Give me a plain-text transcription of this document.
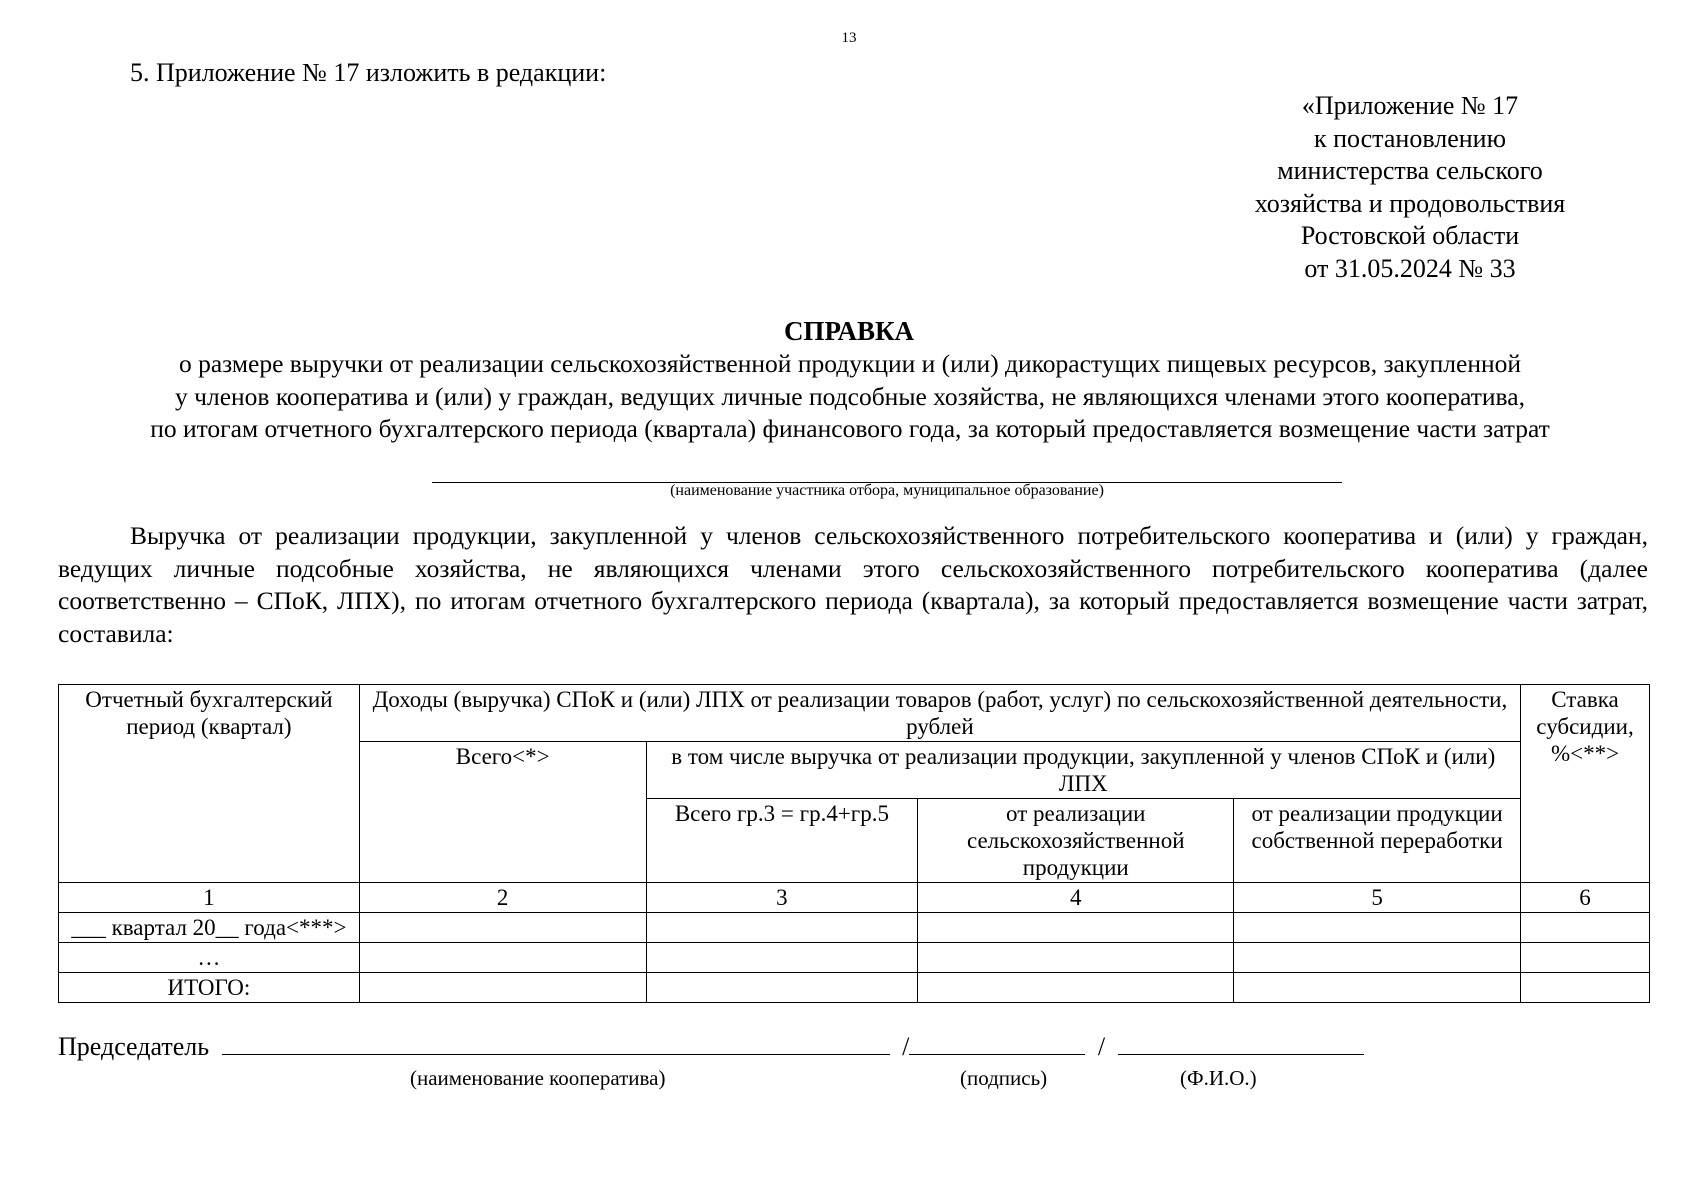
13
5. Приложение № 17 изложить в редакции:
«Приложение № 17
к постановлению
министерства сельского
хозяйства и продовольствия
Ростовской области
от 31.05.2024 № 33
СПРАВКА
о размере выручки от реализации сельскохозяйственной продукции и (или) дикорастущих пищевых ресурсов, закупленной
у членов кооператива и (или) у граждан, ведущих личные подсобные хозяйства, не являющихся членами этого кооператива,
по итогам отчетного бухгалтерского периода (квартала) финансового года, за который предоставляется возмещение части затрат
(наименование участника отбора, муниципальное образование)
Выручка от реализации продукции, закупленной у членов сельскохозяйственного потребительского кооператива и (или) у граждан, ведущих личные подсобные хозяйства, не являющихся членами этого сельскохозяйственного потребительского кооператива (далее соответственно – СПоК, ЛПХ), по итогам отчетного бухгалтерского периода (квартала), за который предоставляется возмещение части затрат, составила:
Отчетный бухгалтерский период (квартал)	Доходы (выручка) СПоК и (или) ЛПХ от реализации товаров (работ, услуг) по сельскохозяйственной деятельности, рублей				Ставка субсидии, %<**>
	Всего<*>	в том числе выручка от реализации продукции, закупленной у членов СПоК и (или) ЛПХ			
		Всего гр.3 = гр.4+гр.5	от реализации сельскохозяйственной продукции	от реализации продукции собственной переработки	
1	2	3	4	5	6
___ квартал 20__ года<***>					
…					
ИТОГО:					
Председатель	/	/
(наименование кооператива)	(подпись)	(Ф.И.О.)
